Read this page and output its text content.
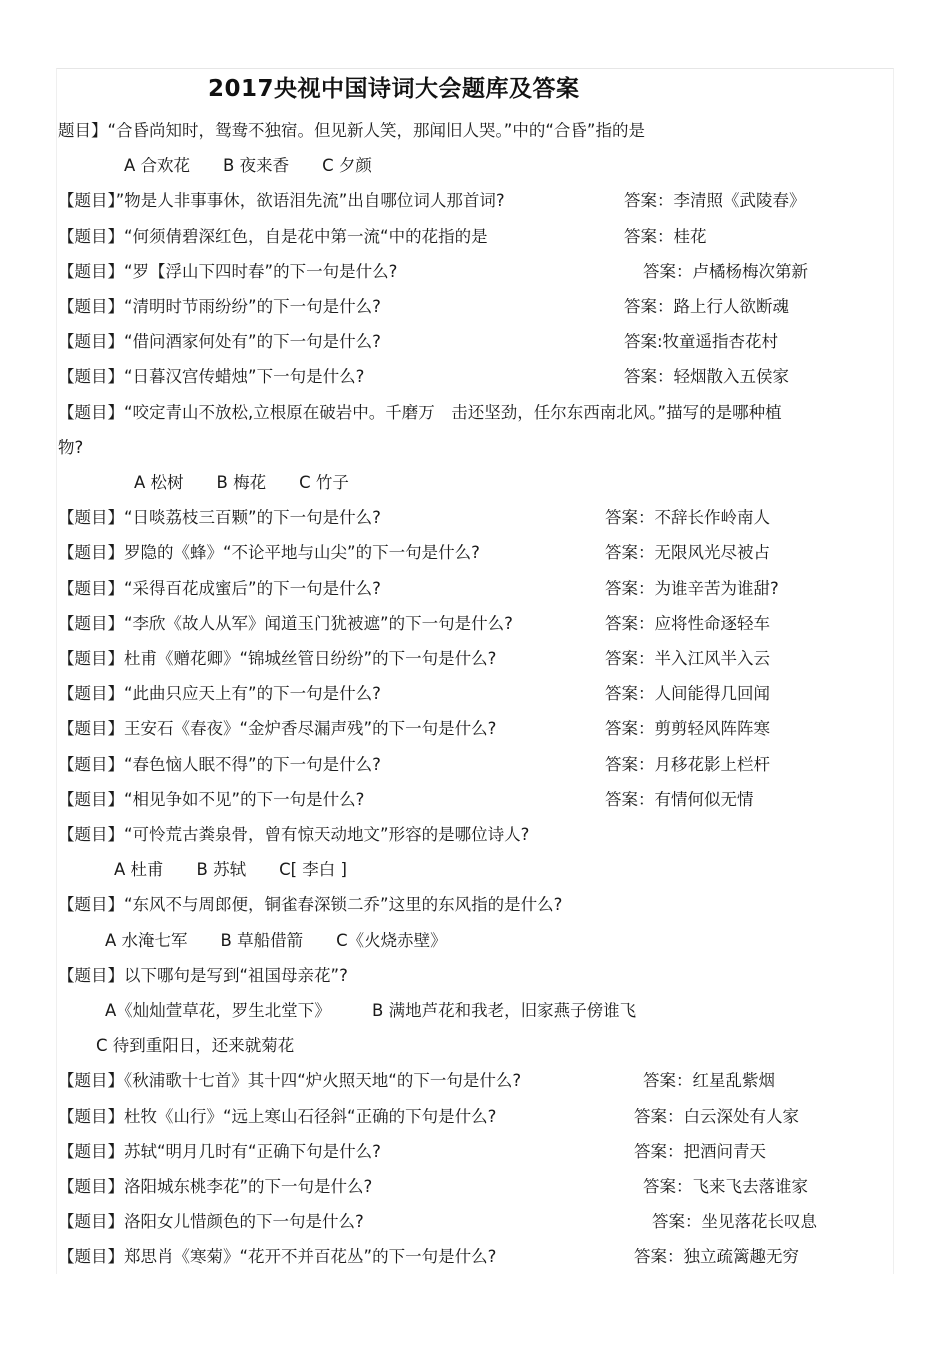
2017央视中国诗词大会题库及答案
题目】“合昏尚知时，鸳鸯不独宿。但见新人笑，那闻旧人哭。”中的“合昏”指的是
A 合欢花　　B 夜来香　　C 夕颜
【题目】”物是人非事事休，欲语泪先流”出自哪位词人那首词?	答案：李清照《武陵春》
【题目】“何须倩碧深红色，自是花中第一流“中的花指的是	答案：桂花
【题目】“罗【浮山下四时春”的下一句是什么?	答案：卢橘杨梅次第新
【题目】“清明时节雨纷纷”的下一句是什么?	答案：路上行人欲断魂
【题目】“借问酒家何处有”的下一句是什么?	答案:牧童遥指杏花村
【题目】“日暮汉宫传蜡烛”下一句是什么?	答案：轻烟散入五侯家
【题目】“咬定青山不放松,立根原在破岩中。千磨万　击还坚劲，任尔东西南北风。”描写的是哪种植
物?
A 松树　　B 梅花　　C 竹子
【题目】“日啖荔枝三百颗”的下一句是什么?	答案：不辞长作岭南人
【题目】罗隐的《蜂》“不论平地与山尖”的下一句是什么?	答案：无限风光尽被占
【题目】“采得百花成蜜后”的下一句是什么?	答案：为谁辛苦为谁甜?
【题目】“李欣《故人从军》闻道玉门犹被遮”的下一句是什么?	答案：应将性命逐轻车
【题目】杜甫《赠花卿》“锦城丝管日纷纷”的下一句是什么?	答案：半入江风半入云
【题目】“此曲只应天上有”的下一句是什么?	答案：人间能得几回闻
【题目】王安石《春夜》“金炉香尽漏声残”的下一句是什么?	答案：剪剪轻风阵阵寒
【题目】“春色恼人眠不得”的下一句是什么?	答案：月移花影上栏杆
【题目】“相见争如不见”的下一句是什么?	答案：有情何似无情
【题目】“可怜荒古粪泉骨，曾有惊天动地文”形容的是哪位诗人?
A 杜甫　　B 苏轼　　C[ 李白 ]
【题目】“东风不与周郎便，铜雀春深锁二乔”这里的东风指的是什么?
A 水淹七军　　B 草船借箭　　C《火烧赤壁》
【题目】以下哪句是写到“祖国母亲花”?
A《灿灿萱草花，罗生北堂下》　　　B 满地芦花和我老，旧家燕子傍谁飞
C 待到重阳日，还来就菊花
【题目】《秋浦歌十七首》其十四“炉火照天地“的下一句是什么?	答案：红星乱紫烟
【题目】杜牧《山行》“远上寒山石径斜“正确的下句是什么?	答案：白云深处有人家
【题目】苏轼“明月几时有“正确下句是什么?	答案：把酒问青天
【题目】洛阳城东桃李花”的下一句是什么?	答案：飞来飞去落谁家
【题目】洛阳女儿惜颜色的下一句是什么?	答案：坐见落花长叹息
【题目】郑思肖《寒菊》“花开不并百花丛”的下一句是什么?	答案：独立疏篱趣无穷
